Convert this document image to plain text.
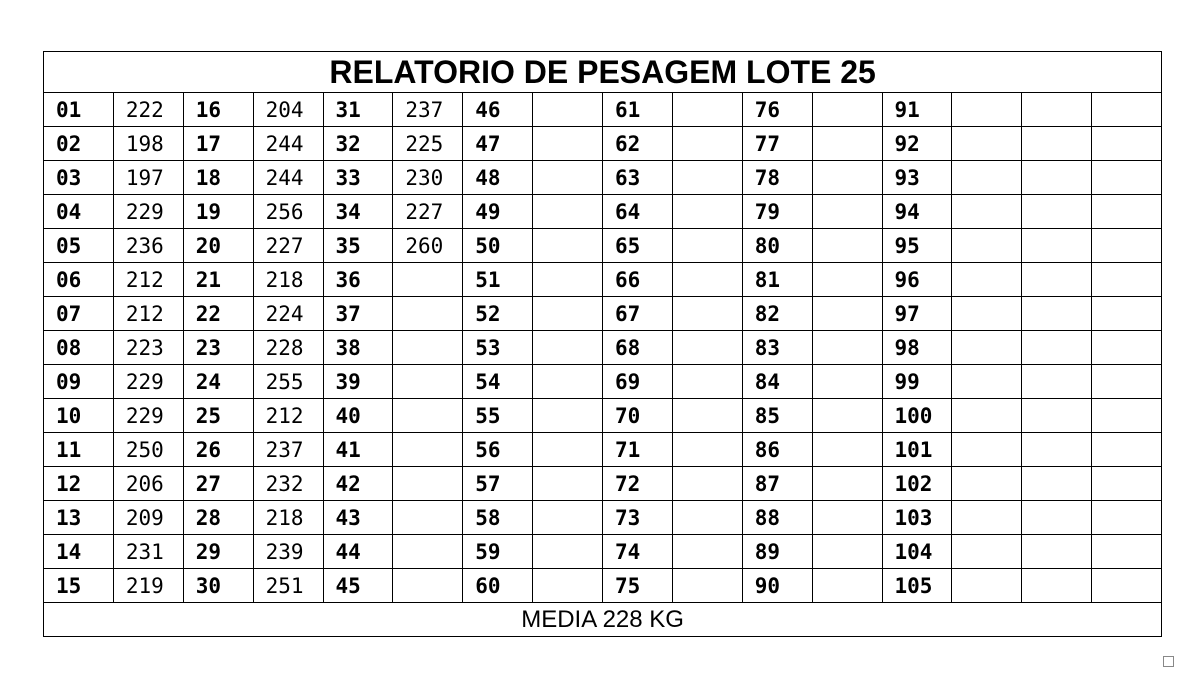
RELATORIO DE PESAGEM LOTE 25															
01	222	16	204	31	237	46		61		76		91			
02	198	17	244	32	225	47		62		77		92			
03	197	18	244	33	230	48		63		78		93			
04	229	19	256	34	227	49		64		79		94			
05	236	20	227	35	260	50		65		80		95			
06	212	21	218	36		51		66		81		96			
07	212	22	224	37		52		67		82		97			
08	223	23	228	38		53		68		83		98			
09	229	24	255	39		54		69		84		99			
10	229	25	212	40		55		70		85		100			
11	250	26	237	41		56		71		86		101			
12	206	27	232	42		57		72		87		102			
13	209	28	218	43		58		73		88		103			
14	231	29	239	44		59		74		89		104			
15	219	30	251	45		60		75		90		105			
MEDIA 228 KG															
